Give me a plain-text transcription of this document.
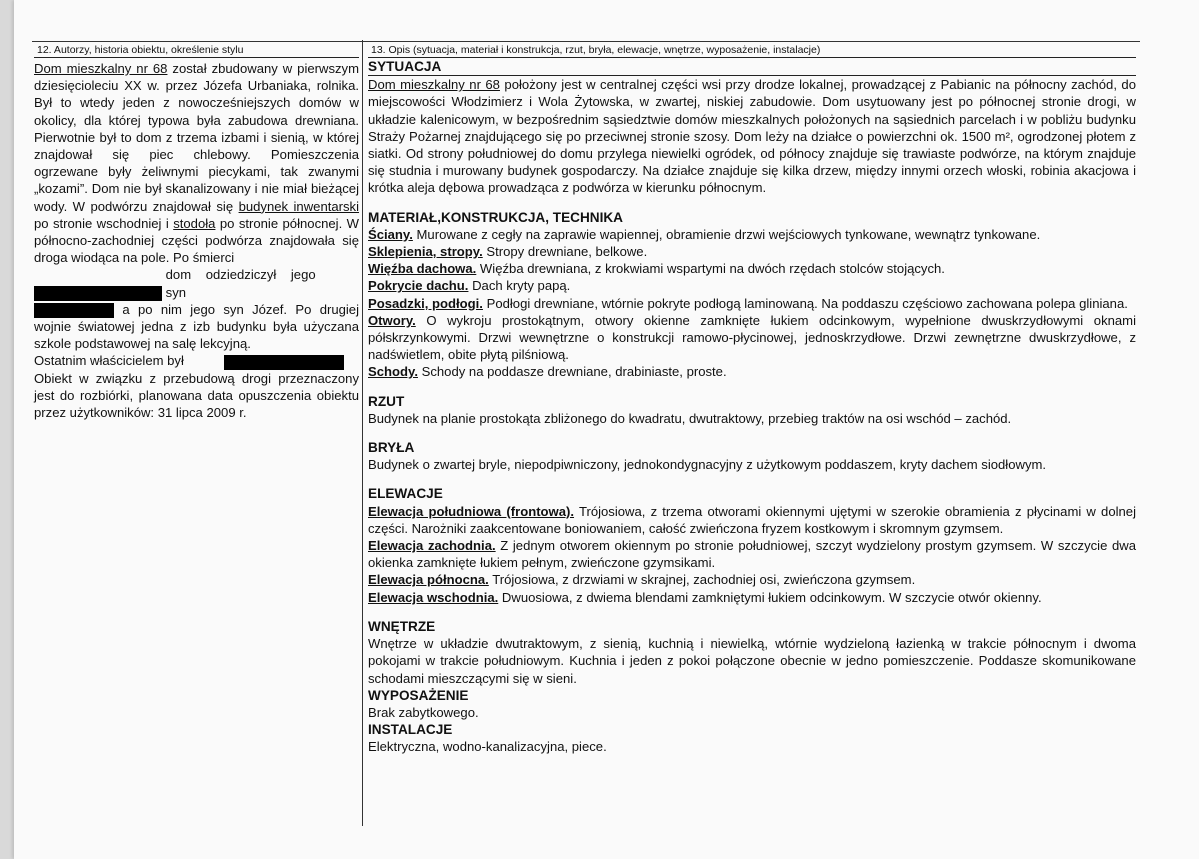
12. Autorzy, historia obiektu, określenie stylu
Dom mieszkalny nr 68 został zbudowany w pierwszym dziesięcioleciu XX w. przez Józefa Urbaniaka, rolnika. Był to wtedy jeden z nowocześniejszych domów w okolicy, dla której typowa była zabudowa drewniana. Pierwotnie był to dom z trzema izbami i sienią, w której znajdował się piec chlebowy. Pomieszczenia ogrzewane były żeliwnymi piecykami, tak zwanymi „kozami”. Dom nie był skanalizowany i nie miał bieżącej wody. W podwórzu znajdował się budynek inwentarski po stronie wschodniej i stodoła po stronie północnej. W północno-zachodniej części podwórza znajdowała się droga wiodąca na pole. Po śmierci
dom odziedziczył jego syn
a po nim jego syn Józef. Po drugiej wojnie światowej jedna z izb budynku była użyczana szkole podstawowej na salę lekcyjną.
Ostatnim właścicielem był
Obiekt w związku z przebudową drogi przeznaczony jest do rozbiórki, planowana data opuszczenia obiektu przez użytkowników: 31 lipca 2009 r.
13. Opis (sytuacja, materiał i konstrukcja, rzut, bryła, elewacje, wnętrze, wyposażenie, instalacje)
SYTUACJA
Dom mieszkalny nr 68 położony jest w centralnej części wsi przy drodze lokalnej, prowadzącej z Pabianic na północny zachód, do miejscowości Włodzimierz i Wola Żytowska, w zwartej, niskiej zabudowie. Dom usytuowany jest po północnej stronie drogi, w układzie kalenicowym, w bezpośrednim sąsiedztwie domów mieszkalnych położonych na sąsiednich parcelach i w pobliżu budynku Straży Pożarnej znajdującego się po przeciwnej stronie szosy. Dom leży na działce o powierzchni ok. 1500 m², ogrodzonej płotem z siatki. Od strony południowej do domu przylega niewielki ogródek, od północy znajduje się trawiaste podwórze, na którym znajduje się studnia i murowany budynek gospodarczy. Na działce znajduje się kilka drzew, między innymi orzech włoski, robinia akacjowa i krótka aleja dębowa prowadząca z podwórza w kierunku północnym.
MATERIAŁ,KONSTRUKCJA, TECHNIKA
Ściany. Murowane z cegły na zaprawie wapiennej, obramienie drzwi wejściowych tynkowane, wewnątrz tynkowane.
Sklepienia, stropy. Stropy drewniane, belkowe.
Więźba dachowa. Więźba drewniana, z krokwiami wspartymi na dwóch rzędach stolców stojących.
Pokrycie dachu. Dach kryty papą.
Posadzki, podłogi. Podłogi drewniane, wtórnie pokryte podłogą laminowaną. Na poddaszu częściowo zachowana polepa gliniana.
Otwory. O wykroju prostokątnym, otwory okienne zamknięte łukiem odcinkowym, wypełnione dwuskrzydłowymi oknami półskrzynkowymi. Drzwi wewnętrzne o konstrukcji ramowo-płycinowej, jednoskrzydłowe. Drzwi zewnętrzne dwuskrzydłowe, z nadświetlem, obite płytą pilśniową.
Schody. Schody na poddasze drewniane, drabiniaste, proste.
RZUT
Budynek na planie prostokąta zbliżonego do kwadratu, dwutraktowy, przebieg traktów na osi wschód – zachód.
BRYŁA
Budynek o zwartej bryle, niepodpiwniczony, jednokondygnacyjny z użytkowym poddaszem, kryty dachem siodłowym.
ELEWACJE
Elewacja południowa (frontowa). Trójosiowa, z trzema otworami okiennymi ujętymi w szerokie obramienia z płycinami w dolnej części. Narożniki zaakcentowane boniowaniem, całość zwieńczona fryzem kostkowym i skromnym gzymsem.
Elewacja zachodnia. Z jednym otworem okiennym po stronie południowej, szczyt wydzielony prostym gzymsem. W szczycie dwa okienka zamknięte łukiem pełnym, zwieńczone gzymsikami.
Elewacja północna. Trójosiowa, z drzwiami w skrajnej, zachodniej osi, zwieńczona gzymsem.
Elewacja wschodnia. Dwuosiowa, z dwiema blendami zamkniętymi łukiem odcinkowym. W szczycie otwór okienny.
WNĘTRZE
Wnętrze w układzie dwutraktowym, z sienią, kuchnią i niewielką, wtórnie wydzieloną łazienką w trakcie północnym i dwoma pokojami w trakcie południowym. Kuchnia i jeden z pokoi połączone obecnie w jedno pomieszczenie. Poddasze skomunikowane schodami mieszczącymi się w sieni.
WYPOSAŻENIE
Brak zabytkowego.
INSTALACJE
Elektryczna, wodno-kanalizacyjna, piece.
